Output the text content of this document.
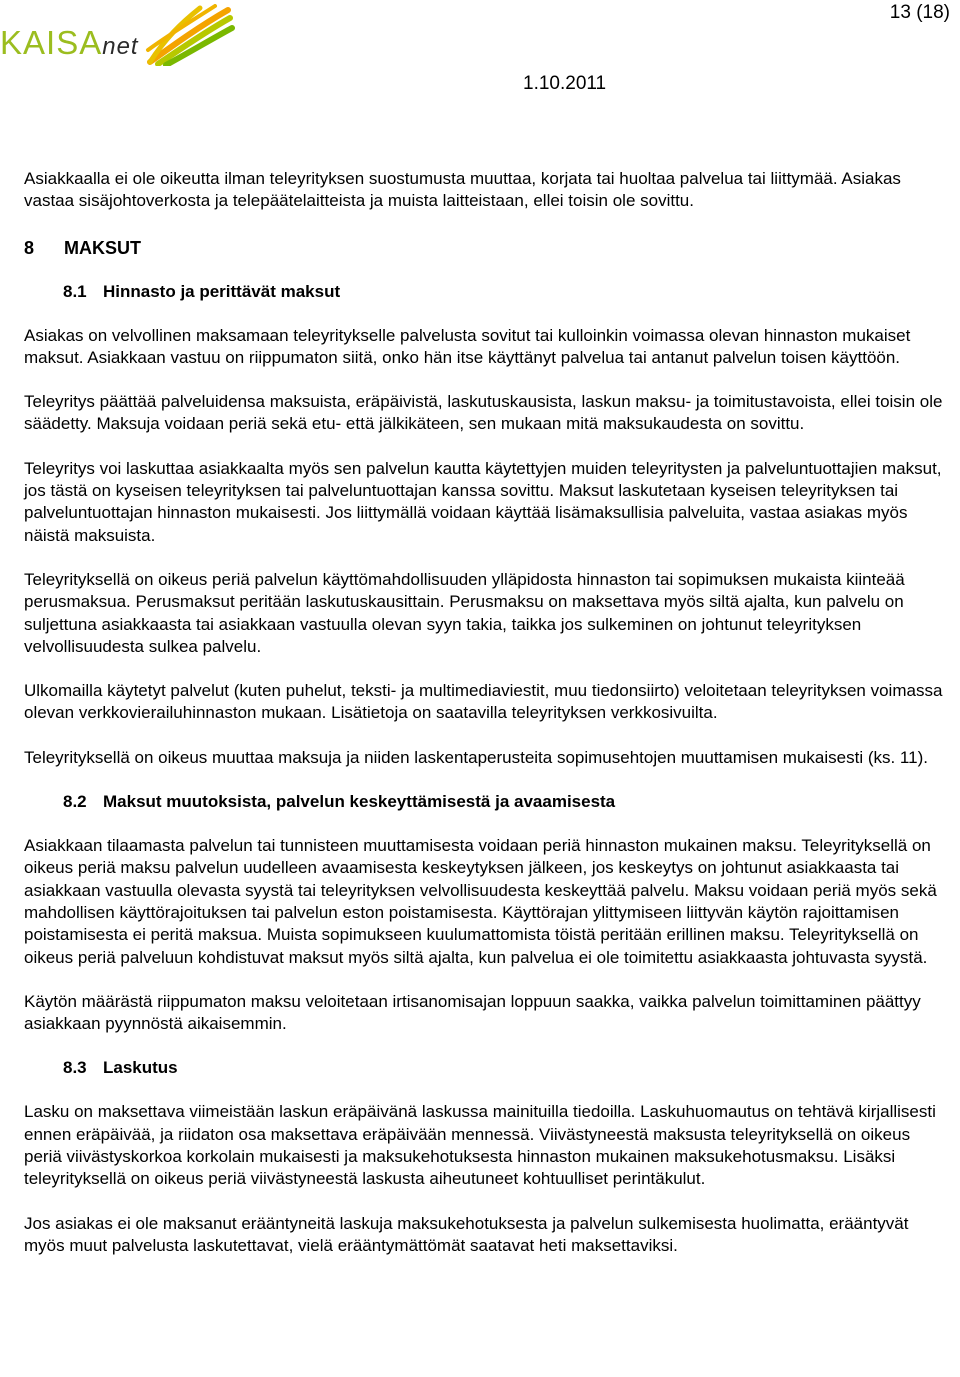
KAISAnet
13 (18)
1.10.2011

Asiakkaalla ei ole oikeutta ilman teleyrityksen suostumusta muuttaa, korjata tai huoltaa palvelua tai liittymää. Asiakas vastaa sisäjohtoverkosta ja telepäätelaitteista ja muista laitteistaan, ellei toisin ole sovittu.

8 MAKSUT
8.1 Hinnasto ja perittävät maksut

Asiakas on velvollinen maksamaan teleyritykselle palvelusta sovitut tai kulloinkin voimassa olevan hinnaston mukaiset maksut. Asiakkaan vastuu on riippumaton siitä, onko hän itse käyttänyt palvelua tai antanut palvelun toisen käyttöön.

Teleyritys päättää palveluidensa maksuista, eräpäivistä, laskutuskausista, laskun maksu- ja toimitustavoista, ellei toisin ole säädetty. Maksuja voidaan periä sekä etu- että jälkikäteen, sen mukaan mitä maksukaudesta on sovittu.

Teleyritys voi laskuttaa asiakkaalta myös sen palvelun kautta käytettyjen muiden teleyritysten ja palveluntuottajien maksut, jos tästä on kyseisen teleyrityksen tai palveluntuottajan kanssa sovittu. Maksut laskutetaan kyseisen teleyrityksen tai palveluntuottajan hinnaston mukaisesti. Jos liittymällä voidaan käyttää lisämaksullisia palveluita, vastaa asiakas myös näistä maksuista.

Teleyrityksellä on oikeus periä palvelun käyttömahdollisuuden ylläpidosta hinnaston tai sopimuksen mukaista kiinteää perusmaksua. Perusmaksut peritään laskutuskausittain. Perusmaksu on maksettava myös siltä ajalta, kun palvelu on suljettuna asiakkaasta tai asiakkaan vastuulla olevan syyn takia, taikka jos sulkeminen on johtunut teleyrityksen velvollisuudesta sulkea palvelu.

Ulkomailla käytetyt palvelut (kuten puhelut, teksti- ja multimediaviestit, muu tiedonsiirto) veloitetaan teleyrityksen voimassa olevan verkkovierailuhinnaston mukaan. Lisätietoja on saatavilla teleyrityksen verkkosivuilta.

Teleyrityksellä on oikeus muuttaa maksuja ja niiden laskentaperusteita sopimusehtojen muuttamisen mukaisesti (ks. 11).

8.2 Maksut muutoksista, palvelun keskeyttämisestä ja avaamisesta

Asiakkaan tilaamasta palvelun tai tunnisteen muuttamisesta voidaan periä hinnaston mukainen maksu. Teleyrityksellä on oikeus periä maksu palvelun uudelleen avaamisesta keskeytyksen jälkeen, jos keskeytys on johtunut asiakkaasta tai asiakkaan vastuulla olevasta syystä tai teleyrityksen velvollisuudesta keskeyttää palvelu. Maksu voidaan periä myös sekä mahdollisen käyttörajoituksen tai palvelun eston poistamisesta. Käyttörajan ylittymiseen liittyvän käytön rajoittamisen poistamisesta ei peritä maksua. Muista sopimukseen kuulumattomista töistä peritään erillinen maksu. Teleyrityksellä on oikeus periä palveluun kohdistuvat maksut myös siltä ajalta, kun palvelua ei ole toimitettu asiakkaasta johtuvasta syystä.

Käytön määrästä riippumaton maksu veloitetaan irtisanomisajan loppuun saakka, vaikka palvelun toimittaminen päättyy asiakkaan pyynnöstä aikaisemmin.

8.3 Laskutus

Lasku on maksettava viimeistään laskun eräpäivänä laskussa mainituilla tiedoilla. Laskuhuomautus on tehtävä kirjallisesti ennen eräpäivää, ja riidaton osa maksettava eräpäivään mennessä. Viivästyneestä maksusta teleyrityksellä on oikeus periä viivästyskorkoa korkolain mukaisesti ja maksukehotuksesta hinnaston mukainen maksukehotusmaksu. Lisäksi teleyrityksellä on oikeus periä viivästyneestä laskusta aiheutuneet kohtuulliset perintäkulut.

Jos asiakas ei ole maksanut erääntyneitä laskuja maksukehotuksesta ja palvelun sulkemisesta huolimatta, erääntyvät myös muut palvelusta laskutettavat, vielä erääntymättömät saatavat heti maksettaviksi.
